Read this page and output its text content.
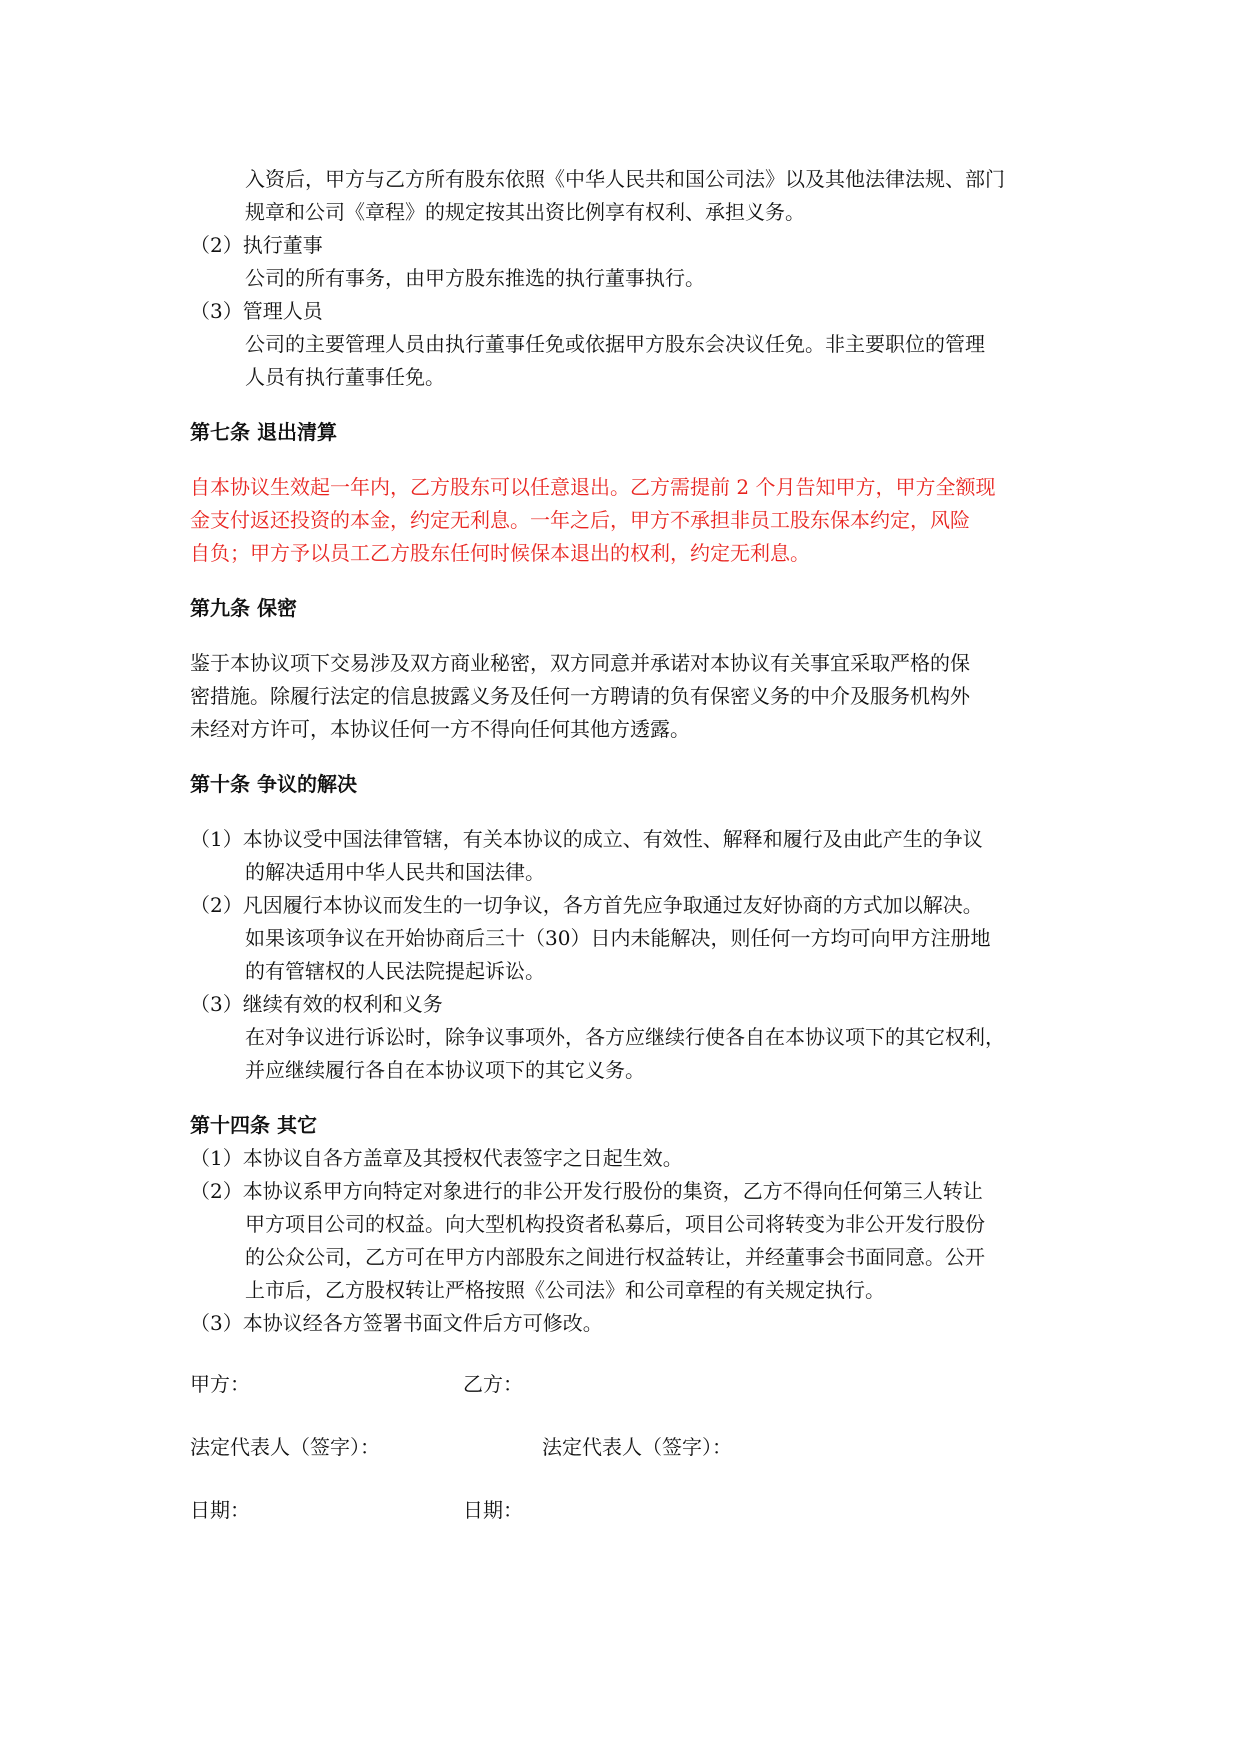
入资后，甲方与乙方所有股东依照《中华人民共和国公司法》以及其他法律法规、部门
规章和公司《章程》的规定按其出资比例享有权利、承担义务。
（2）执行董事
公司的所有事务，由甲方股东推选的执行董事执行。
（3）管理人员
公司的主要管理人员由执行董事任免或依据甲方股东会决议任免。非主要职位的管理
人员有执行董事任免。
第七条 退出清算
自本协议生效起一年内，乙方股东可以任意退出。乙方需提前 2 个月告知甲方，甲方全额现
金支付返还投资的本金，约定无利息。一年之后，甲方不承担非员工股东保本约定，风险
自负；甲方予以员工乙方股东任何时候保本退出的权利，约定无利息。
第九条 保密
鉴于本协议项下交易涉及双方商业秘密，双方同意并承诺对本协议有关事宜采取严格的保
密措施。除履行法定的信息披露义务及任何一方聘请的负有保密义务的中介及服务机构外
未经对方许可，本协议任何一方不得向任何其他方透露。
第十条 争议的解决
（1）本协议受中国法律管辖，有关本协议的成立、有效性、解释和履行及由此产生的争议
的解决适用中华人民共和国法律。
（2）凡因履行本协议而发生的一切争议，各方首先应争取通过友好协商的方式加以解决。
如果该项争议在开始协商后三十（30）日内未能解决，则任何一方均可向甲方注册地
的有管辖权的人民法院提起诉讼。
（3）继续有效的权利和义务
在对争议进行诉讼时，除争议事项外，各方应继续行使各自在本协议项下的其它权利，
并应继续履行各自在本协议项下的其它义务。
第十四条 其它
（1）本协议自各方盖章及其授权代表签字之日起生效。
（2）本协议系甲方向特定对象进行的非公开发行股份的集资，乙方不得向任何第三人转让
甲方项目公司的权益。向大型机构投资者私募后，项目公司将转变为非公开发行股份
的公众公司，乙方可在甲方内部股东之间进行权益转让，并经董事会书面同意。公开
上市后，乙方股权转让严格按照《公司法》和公司章程的有关规定执行。
（3）本协议经各方签署书面文件后方可修改。
甲方：	乙方：
法定代表人（签字）：	法定代表人（签字）：
日期：	日期：
